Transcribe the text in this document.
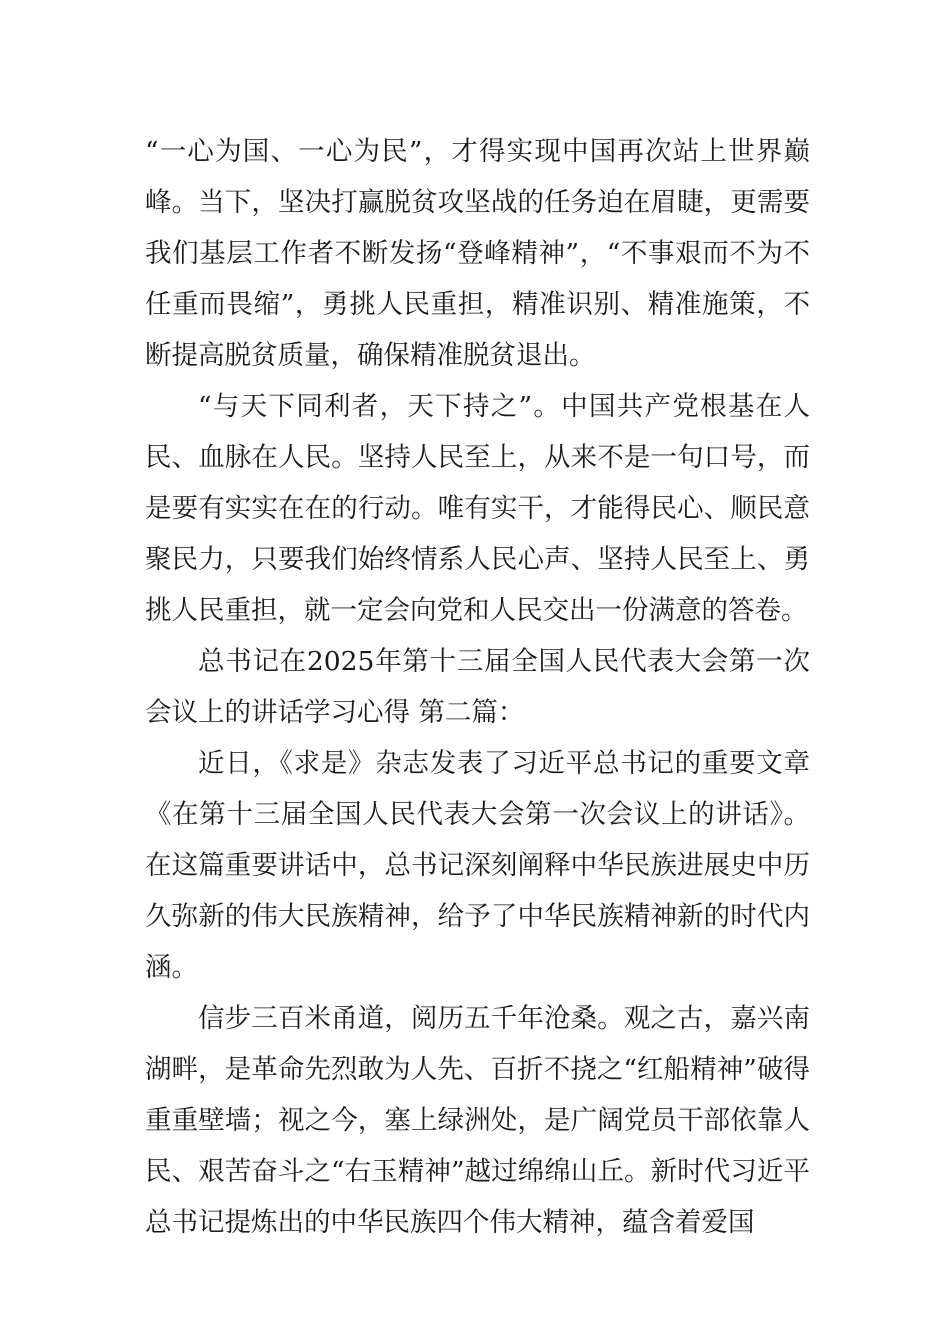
“一心为国、一心为民”，才得实现中国再次站上世界巅峰。当下，坚决打赢脱贫攻坚战的任务迫在眉睫，更需要我们基层工作者不断发扬“登峰精神”，“不事艰而不为不任重而畏缩”，勇挑人民重担，精准识别、精准施策，不断提高脱贫质量，确保精准脱贫退出。

“与天下同利者，天下持之”。中国共产党根基在人民、血脉在人民。坚持人民至上，从来不是一句口号，而是要有实实在在的行动。唯有实干，才能得民心、顺民意聚民力，只要我们始终情系人民心声、坚持人民至上、勇挑人民重担，就一定会向党和人民交出一份满意的答卷。

总书记在2025年第十三届全国人民代表大会第一次会议上的讲话学习心得 第二篇：

近日，《求是》杂志发表了习近平总书记的重要文章《在第十三届全国人民代表大会第一次会议上的讲话》。在这篇重要讲话中，总书记深刻阐释中华民族进展史中历久弥新的伟大民族精神，给予了中华民族精神新的时代内涵。

信步三百米甬道，阅历五千年沧桑。观之古，嘉兴南湖畔，是革命先烈敢为人先、百折不挠之“红船精神”破得重重壁墙；视之今，塞上绿洲处，是广阔党员干部依靠人民、艰苦奋斗之“右玉精神”越过绵绵山丘。新时代习近平总书记提炼出的中华民族四个伟大精神，蕴含着爱国
